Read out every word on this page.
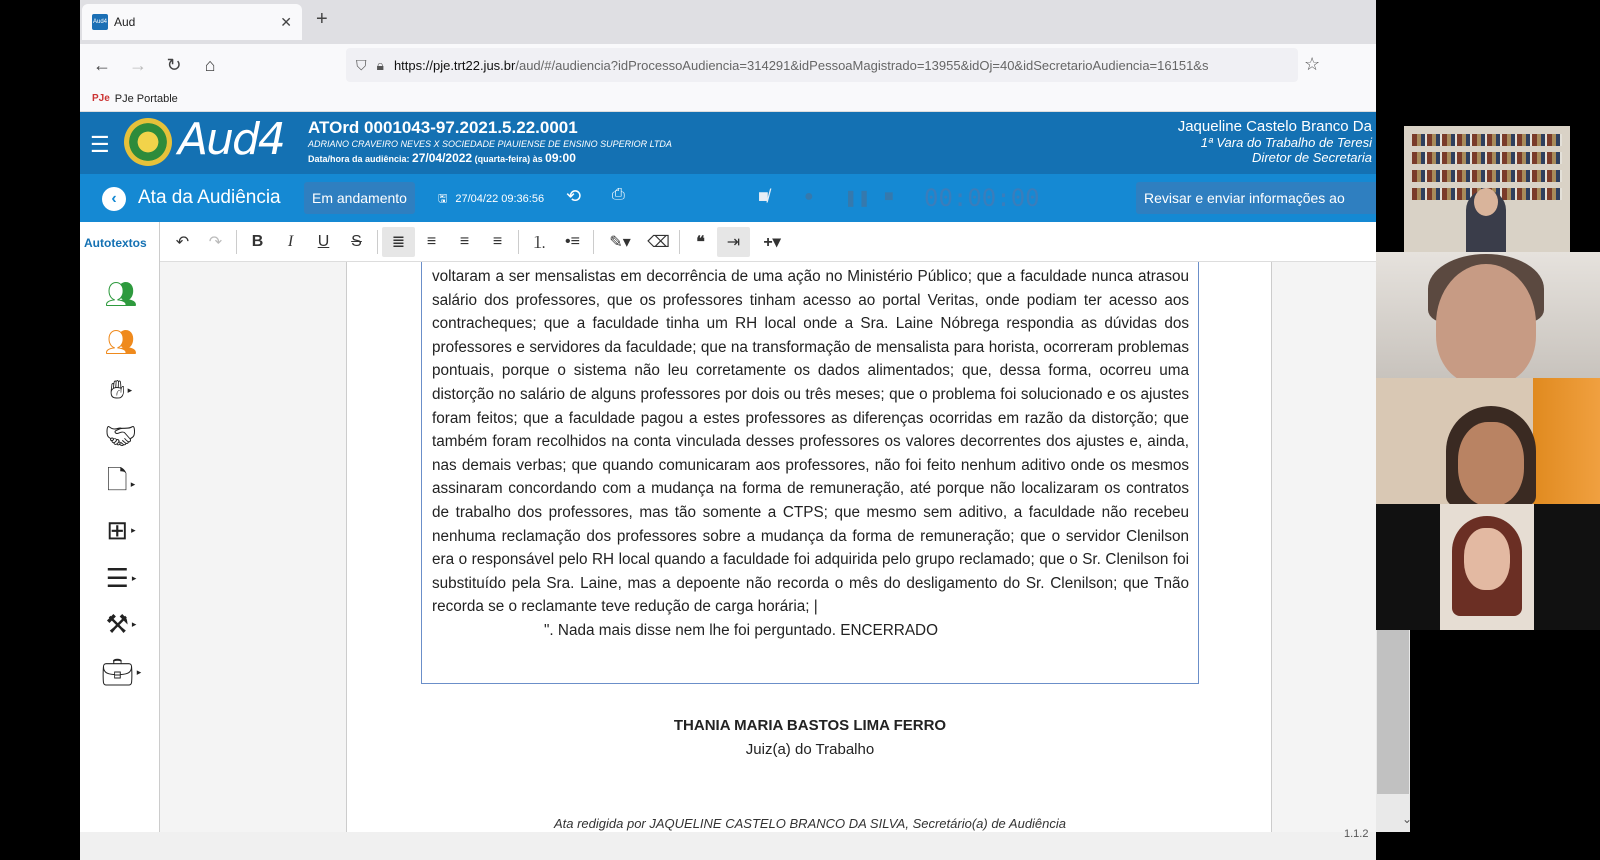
Aud4 Aud	✕ +
←	→	↻	⌂	⛉ 🔒︎ https://pje.trt22.jus.br /aud/#/audiencia?idProcessoAudiencia=314291&idPessoaMagistrado=13955&idOj=40&idSecretarioAudiencia=16151&s	☆
PJe PJe Portable
☰ Aud4 ATOrd 0001043-97.2021.5.22.0001
ADRIANO CRAVEIRO NEVES X SOCIEDADE PIAUIENSE DE ENSINO SUPERIOR LTDA
Data/hora da audiência: 27/04/2022 (quarta-feira) às 09:00
Jaqueline Castelo Branco Da
1ª Vara do Trabalho de Teresi
Diretor de Secretaria
‹	Ata da Audiência	Em andamento	🖫︎ 27/04/22 09:36:56 ⟲ ⎙	■̸ ● ❚❚ ■ 00:00:00	Revisar e enviar informações ao
👥︎
👥︎
✋︎ ▸
🤝︎
🗋︎ ▸
⊞ ▸
☰ ▸
⚒︎ ▸
💼︎ ▸
Autotextos	↶	↷	B	I	U	S	≣	≡	≡	≡	⒈	•≡	✎▾	⌫	❝	⇥	+▾

voltaram a ser mensalistas em decorrência de uma ação no Ministério Público; que a faculdade nunca atrasou salário dos professores, que os professores tinham acesso ao portal Veritas, onde podiam ter acesso aos contracheques; que a faculdade tinha um RH local onde a Sra. Laine Nóbrega respondia as dúvidas dos professores e servidores da faculdade; que na transformação de mensalista para horista, ocorreram problemas pontuais, porque o sistema não leu corretamente os dados alimentados; que, dessa forma, ocorreu uma distorção no salário de alguns professores por dois ou três meses; que o problema foi solucionado e os ajustes foram feitos; que a faculdade pagou a estes professores as diferenças ocorridas em razão da distorção; que também foram recolhidos na conta vinculada desses professores os valores decorrentes dos ajustes e, ainda, nas demais verbas; que quando comunicaram aos professores, não foi feito nenhum aditivo onde os mesmos assinaram concordando com a mudança na forma de remuneração, até porque não localizaram os contratos de trabalho dos professores, mas tão somente a CTPS; que mesmo sem aditivo, a faculdade não recebeu nenhuma reclamação dos professores sobre a mudança da forma de remuneração; que o servidor Clenilson era o responsável pelo RH local quando a faculdade foi adquirida pelo grupo reclamado; que o Sr. Clenilson foi substituído pela Sra. Laine, mas a depoente não recorda o mês do desligamento do Sr. Clenilson; que Tnão recorda se o reclamante teve redução de carga horária; |

". Nada mais disse nem lhe foi perguntado. ENCERRADO

THANIA MARIA BASTOS LIMA FERRO
Juiz(a) do Trabalho
Ata redigida por JAQUELINE CASTELO BRANCO DA SILVA, Secretário(a) de Audiência	⌄
1.1.2
